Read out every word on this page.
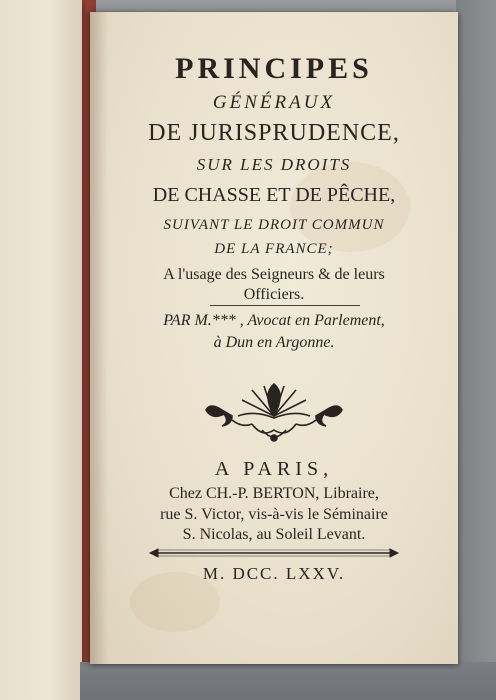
PRINCIPES
GÉNÉRAUX
DE JURISPRUDENCE,
SUR LES DROITS
DE CHASSE ET DE PÊCHE,
SUIVANT LE DROIT COMMUN
DE LA FRANCE;
A l'usage des Seigneurs & de leurs
Officiers.
PAR M.*** , Avocat en Parlement,
à Dun en Argonne.
A PARIS,
Chez CH.-P. BERTON, Libraire,
rue S. Victor, vis-à-vis le Séminaire
S. Nicolas, au Soleil Levant.
M. DCC. LXXV.
